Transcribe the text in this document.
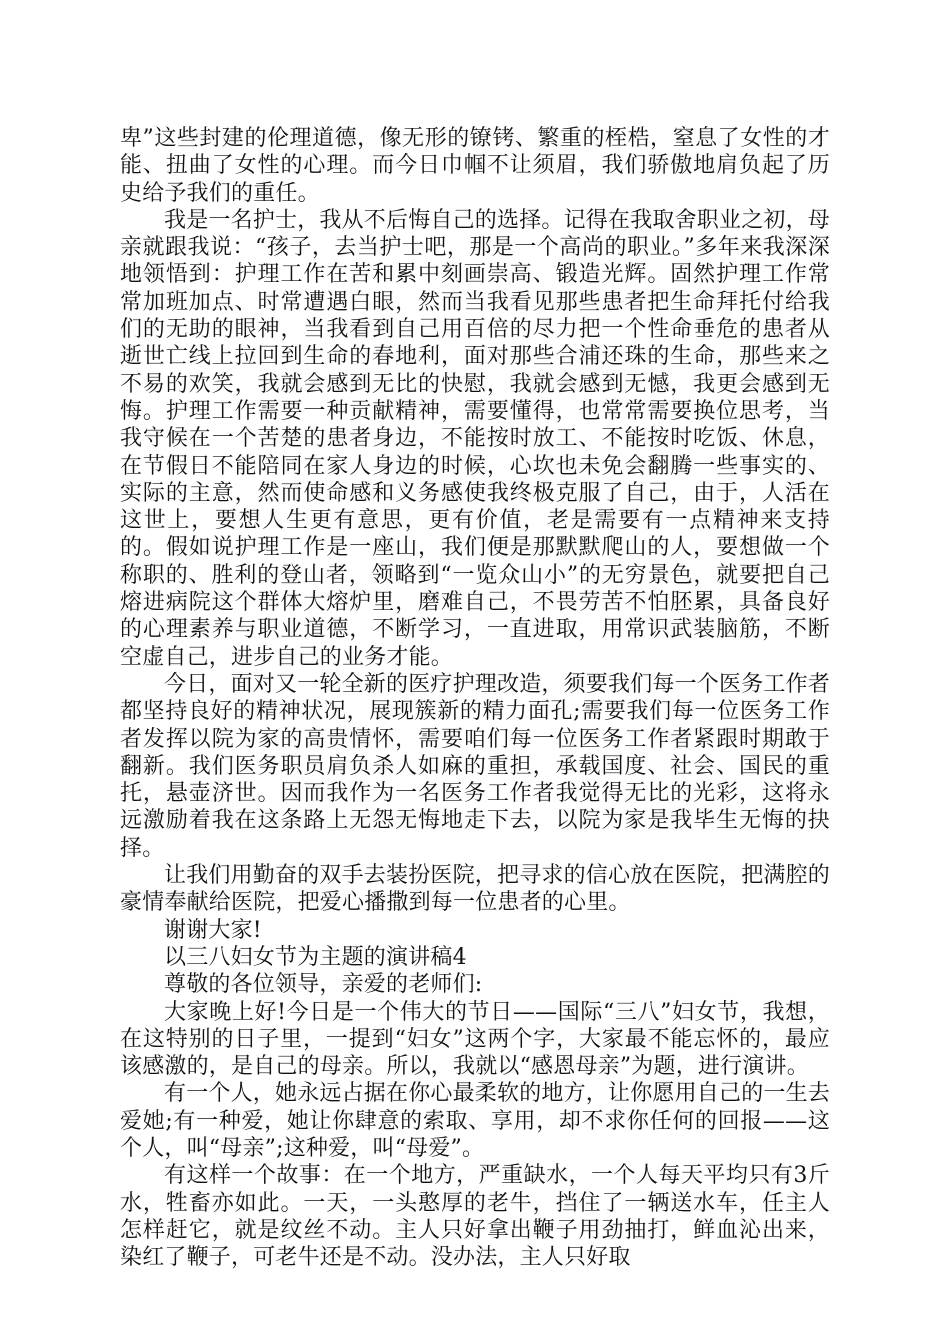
卑”这些封建的伦理道德，像无形的镣铐、繁重的桎梏，窒息了女性的才能、扭曲了女性的心理。而今日巾帼不让须眉，我们骄傲地肩负起了历史给予我们的重任。

我是一名护士，我从不后悔自己的选择。记得在我取舍职业之初，母亲就跟我说：“孩子，去当护士吧，那是一个高尚的职业。”多年来我深深地领悟到：护理工作在苦和累中刻画崇高、锻造光辉。固然护理工作常常加班加点、时常遭遇白眼，然而当我看见那些患者把生命拜托付给我们的无助的眼神，当我看到自己用百倍的尽力把一个性命垂危的患者从逝世亡线上拉回到生命的春地利，面对那些合浦还珠的生命，那些来之不易的欢笑，我就会感到无比的快慰，我就会感到无憾，我更会感到无悔。护理工作需要一种贡献精神，需要懂得，也常常需要换位思考，当我守候在一个苦楚的患者身边，不能按时放工、不能按时吃饭、休息，在节假日不能陪同在家人身边的时候，心坎也未免会翻腾一些事实的、实际的主意，然而使命感和义务感使我终极克服了自己，由于，人活在这世上，要想人生更有意思，更有价值，老是需要有一点精神来支持的。假如说护理工作是一座山，我们便是那默默爬山的人，要想做一个称职的、胜利的登山者，领略到“一览众山小”的无穷景色，就要把自己熔进病院这个群体大熔炉里，磨难自己，不畏劳苦不怕胚累，具备良好的心理素养与职业道德，不断学习，一直进取，用常识武装脑筋，不断空虚自己，进步自己的业务才能。

今日，面对又一轮全新的医疗护理改造，须要我们每一个医务工作者都坚持良好的精神状况，展现簇新的精力面孔;需要我们每一位医务工作者发挥以院为家的高贵情怀，需要咱们每一位医务工作者紧跟时期敢于翻新。我们医务职员肩负杀人如麻的重担，承载国度、社会、国民的重托，悬壶济世。因而我作为一名医务工作者我觉得无比的光彩，这将永远激励着我在这条路上无怨无悔地走下去，以院为家是我毕生无悔的抉择。

让我们用勤奋的双手去装扮医院，把寻求的信心放在医院，把满腔的豪情奉献给医院，把爱心播撒到每一位患者的心里。

谢谢大家!

以三八妇女节为主题的演讲稿4

尊敬的各位领导，亲爱的老师们:

大家晚上好!今日是一个伟大的节日——国际“三八”妇女节，我想，在这特别的日子里，一提到“妇女”这两个字，大家最不能忘怀的，最应该感激的，是自己的母亲。所以，我就以“感恩母亲”为题，进行演讲。

有一个人，她永远占据在你心最柔软的地方，让你愿用自己的一生去爱她;有一种爱，她让你肆意的索取、享用，却不求你任何的回报——这个人，叫“母亲”;这种爱，叫“母爱”。

有这样一个故事：在一个地方，严重缺水，一个人每天平均只有3斤水，牲畜亦如此。一天，一头憨厚的老牛，挡住了一辆送水车，任主人怎样赶它，就是纹丝不动。主人只好拿出鞭子用劲抽打，鲜血沁出来，染红了鞭子，可老牛还是不动。没办法，主人只好取
